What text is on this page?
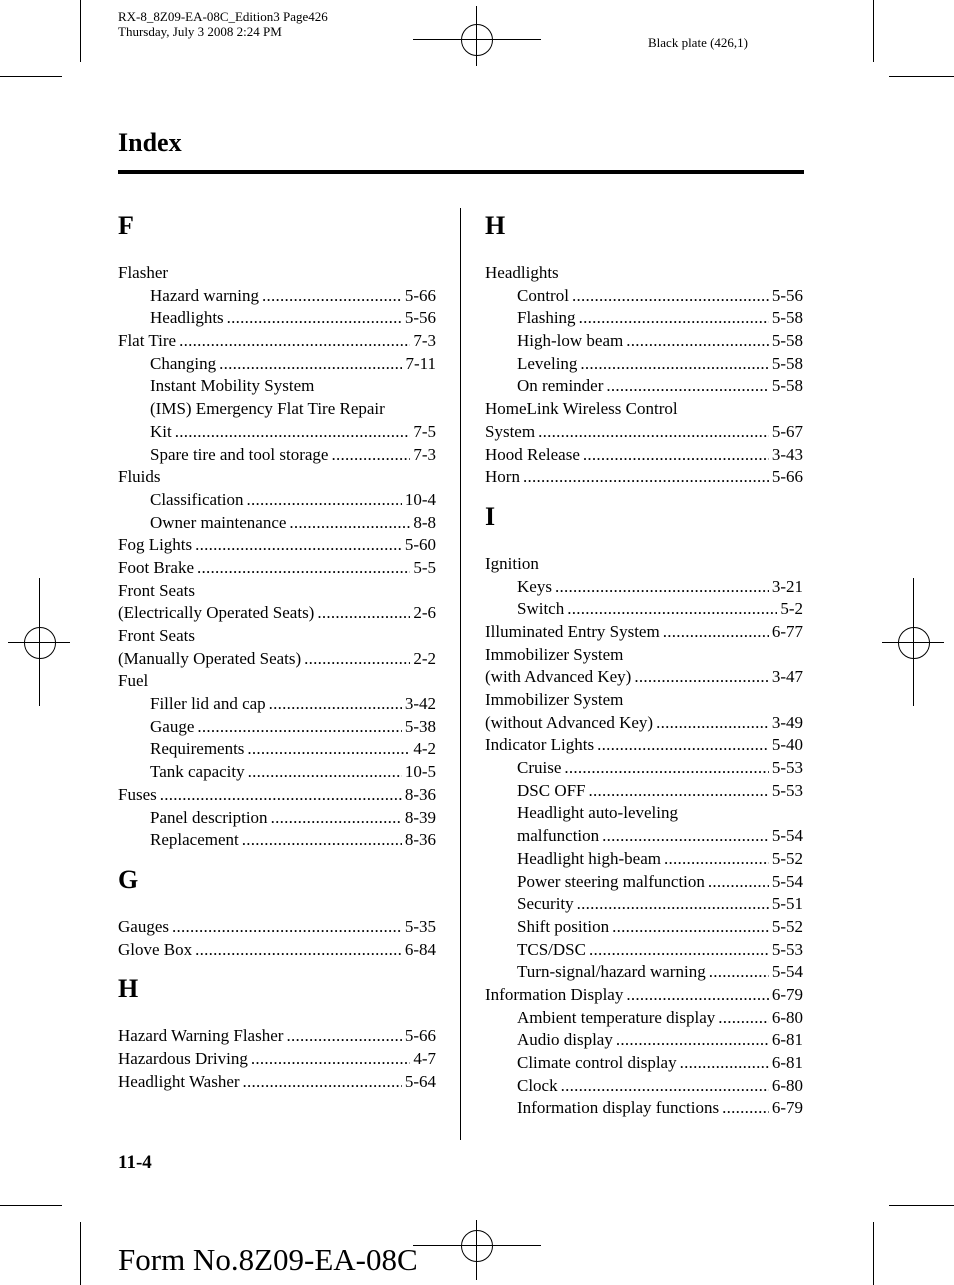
RX-8_8Z09-EA-08C_Edition3 Page426
Thursday, July 3 2008 2:24 PM
Black plate (426,1)
Index
F
Flasher
Hazard warning . . .	5-66
Headlights . . .	5-56
Flat Tire . . .	7-3
Changing . . .	7-11
Instant Mobility System
(IMS) Emergency Flat Tire Repair
Kit . . .	7-5
Spare tire and tool storage . . .	7-3
Fluids
Classification . . .	10-4
Owner maintenance . . .	8-8
Fog Lights . . .	5-60
Foot Brake . . .	5-5
Front Seats
(Electrically Operated Seats) . . .	2-6
Front Seats
(Manually Operated Seats) . . .	2-2
Fuel
Filler lid and cap . . .	3-42
Gauge . . .	5-38
Requirements . . .	4-2
Tank capacity . . .	10-5
Fuses . . .	8-36
Panel description . . .	8-39
Replacement . . .	8-36
G
Gauges . . .	5-35
Glove Box . . .	6-84
H
Hazard Warning Flasher . . .	5-66
Hazardous Driving . . .	4-7
Headlight Washer . . .	5-64
H
Headlights
Control . . .	5-56
Flashing . . .	5-58
High-low beam . . .	5-58
Leveling . . .	5-58
On reminder . . .	5-58
HomeLink Wireless Control
System . . .	5-67
Hood Release . . .	3-43
Horn . . .	5-66
I
Ignition
Keys . . .	3-21
Switch . . .	5-2
Illuminated Entry System . . .	6-77
Immobilizer System
(with Advanced Key) . . .	3-47
Immobilizer System
(without Advanced Key) . . .	3-49
Indicator Lights . . .	5-40
Cruise . . .	5-53
DSC OFF . . .	5-53
Headlight auto-leveling
malfunction . . .	5-54
Headlight high-beam . . .	5-52
Power steering malfunction . . .	5-54
Security . . .	5-51
Shift position . . .	5-52
TCS/DSC . . .	5-53
Turn-signal/hazard warning . . .	5-54
Information Display . . .	6-79
Ambient temperature display . . .	6-80
Audio display . . .	6-81
Climate control display . . .	6-81
Clock . . .	6-80
Information display functions . . .	6-79
11-4
Form No.8Z09-EA-08C
